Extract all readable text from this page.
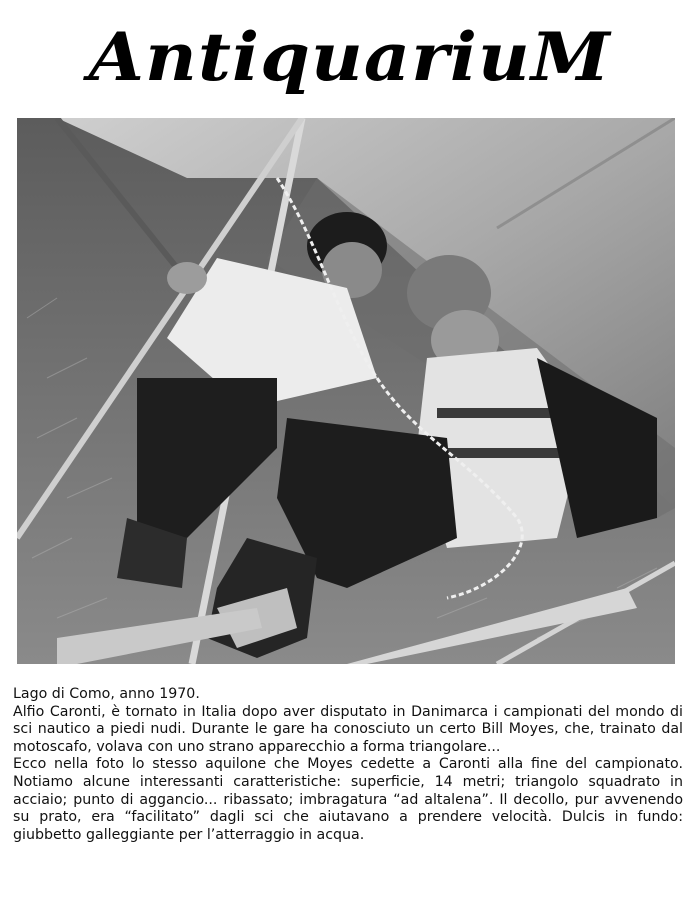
AntiquariuM

Lago di Como, anno 1970.

Alfio Caronti, è tornato in Italia dopo aver disputato in Danimarca i campionati del mondo di sci nautico a piedi nudi. Durante le gare ha conosciuto un certo Bill Moyes, che, trainato dal motoscafo, volava con uno strano apparecchio a forma triangolare...

Ecco nella foto lo stesso aquilone che Moyes cedette a Caronti alla fine del campionato. Notiamo alcune interessanti caratteristiche: superficie, 14 metri; triangolo squadrato in acciaio; punto di aggancio... ribassato; imbragatura “ad altalena”. Il decollo, pur avvenendo su prato, era “facilitato” dagli sci che aiutavano a prendere velocità. Dulcis in fundo: giubbetto galleggiante per l’atterraggio in acqua.
